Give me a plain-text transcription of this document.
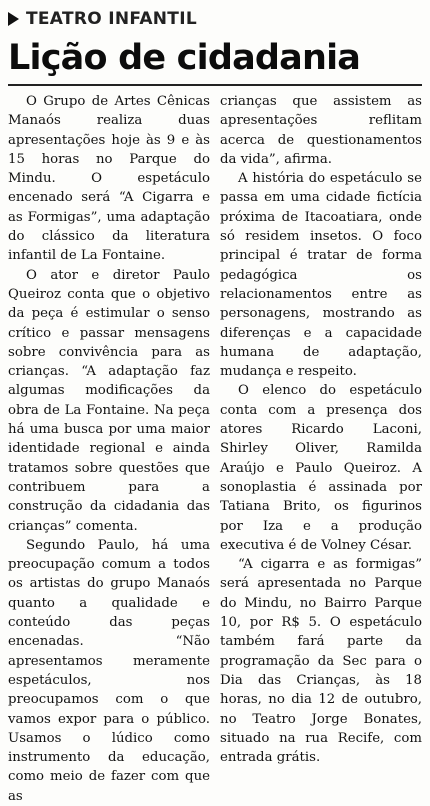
TEATRO INFANTIL
Lição de cidadania

O Grupo de Artes Cênicas Manaós realiza duas apresentações hoje às 9 e às 15 horas no Parque do Mindu. O espetáculo encenado será “A Cigarra e as Formigas”, uma adaptação do clássico da literatura infantil de La Fontaine.

O ator e diretor Paulo Queiroz conta que o objetivo da peça é estimular o senso crítico e passar mensagens sobre convivência para as crianças. “A adaptação faz algumas modificações da obra de La Fontaine. Na peça há uma busca por uma maior identidade regional e ainda tratamos sobre questões que contribuem para a construção da cidadania das crianças” comenta.

Segundo Paulo, há uma preocupação comum a todos os artistas do grupo Manaós quanto a qualidade e conteúdo das peças encenadas. “Não apresentamos meramente espetáculos, nos preocupamos com o que vamos expor para o público. Usamos o lúdico como instrumento da educação, como meio de fazer com que as

crianças que assistem as apresentações reflitam acerca de questionamentos da vida”, afirma.

A história do espetáculo se passa em uma cidade fictícia próxima de Itacoatiara, onde só residem insetos. O foco principal é tratar de forma pedagógica os relacionamentos entre as personagens, mostrando as diferenças e a capacidade humana de adaptação, mudança e respeito.

O elenco do espetáculo conta com a presença dos atores Ricardo Laconi, Shirley Oliver, Ramilda Araújo e Paulo Queiroz. A sonoplastia é assinada por Tatiana Brito, os figurinos por Iza e a produção executiva é de Volney César.

“A cigarra e as formigas” será apresentada no Parque do Mindu, no Bairro Parque 10, por R$ 5. O espetáculo também fará parte da programação da Sec para o Dia das Crianças, às 18 horas, no dia 12 de outubro, no Teatro Jorge Bonates, situado na rua Recife, com entrada grátis.
